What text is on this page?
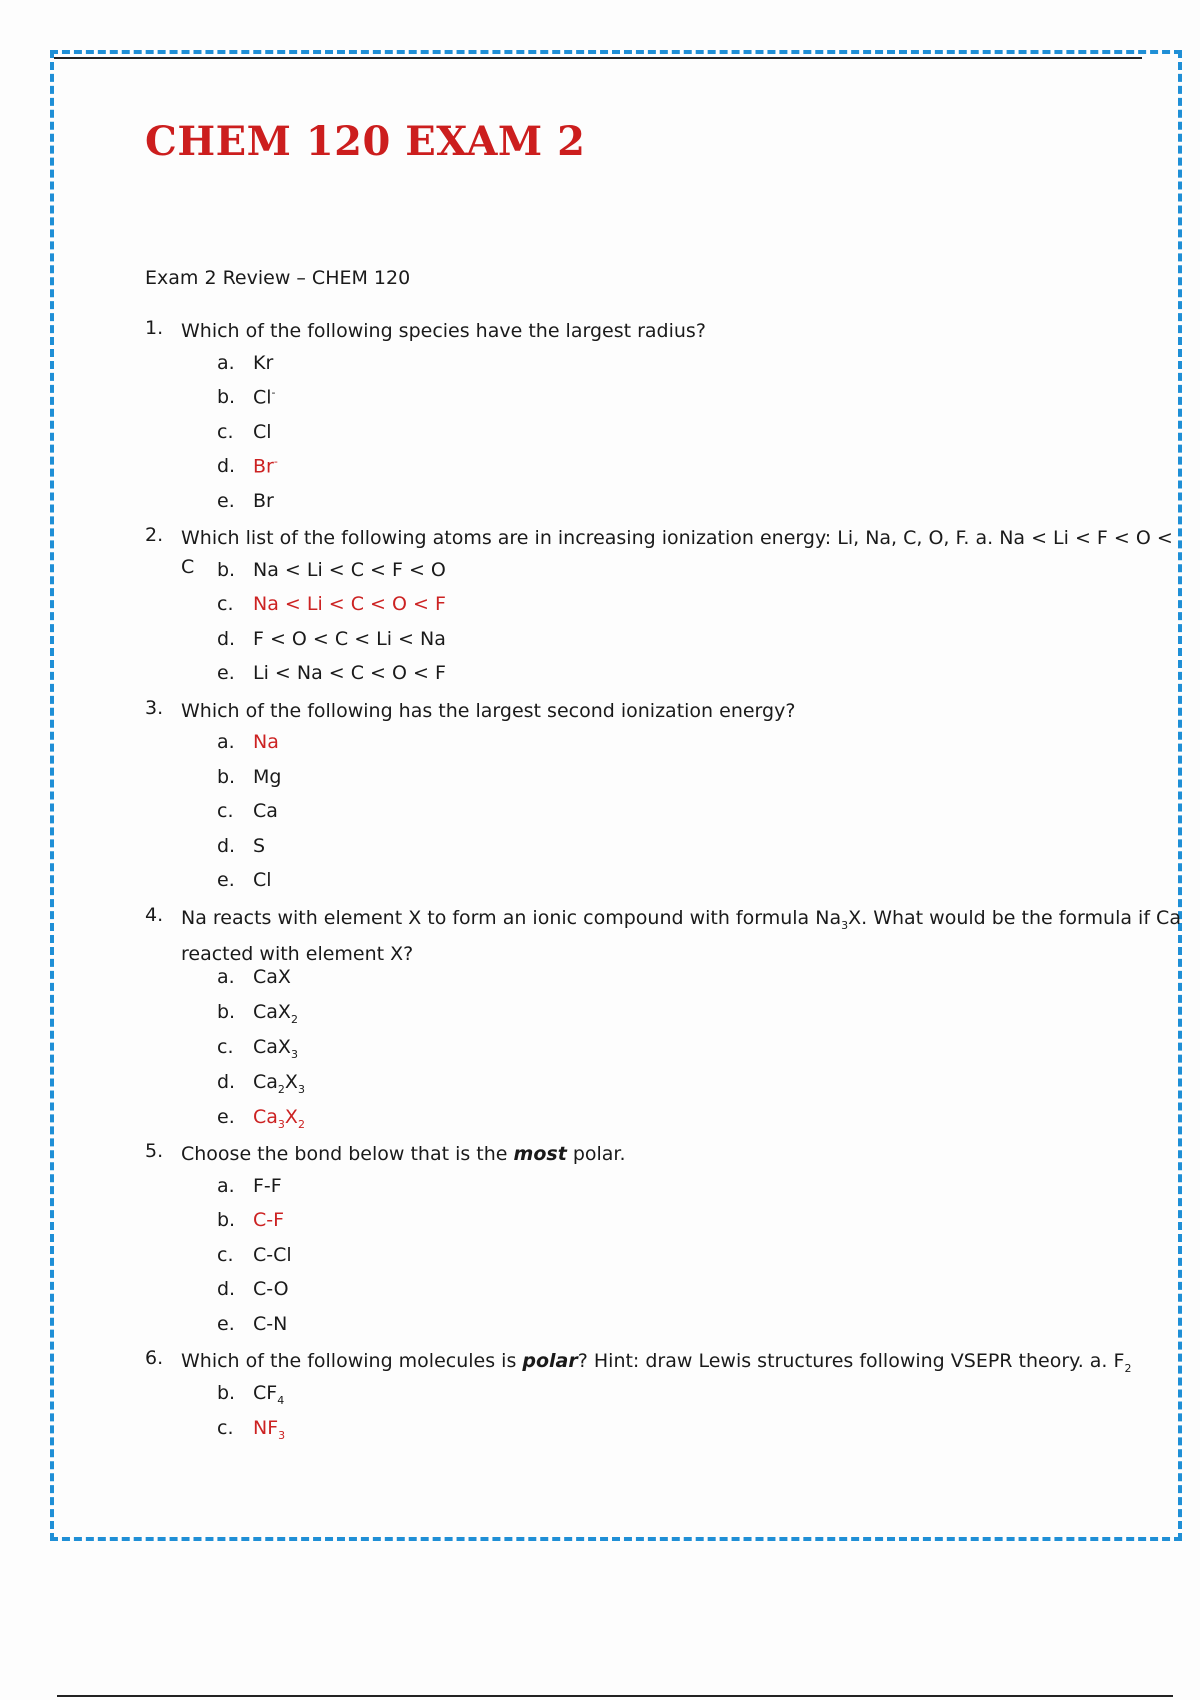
CHEM 120 EXAM 2
Exam 2 Review – CHEM 120
1. Which of the following species have the largest radius?
a. Kr
b. Cl-
c. Cl
d. Br-
e. Br
2. Which list of the following atoms are in increasing ionization energy: Li, Na, C, O, F. a. Na < Li < F < O < C	b. Na < Li < C < F < O
c. Na < Li < C < O < F
d. F < O < C < Li < Na
e. Li < Na < C < O < F
3. Which of the following has the largest second ionization energy?
a. Na
b. Mg
c. Ca
d. S
e. Cl
4. Na reacts with element X to form an ionic compound with formula $Na_3X$. What would be the formula if Ca reacted with element X?
a. CaX
b. CaX$_2$
c. CaX$_3$
d. $Ca_2X_3$
e. $Ca_3X_2$
5. Choose the bond below that is the most polar.
a. F-F
b. C-F
c. C-Cl
d. C-O
e. C-N
6. Which of the following molecules is polar? Hint: draw Lewis structures following VSEPR theory. a. $F_2$
b. $CF_4$
c. $NF_3$
